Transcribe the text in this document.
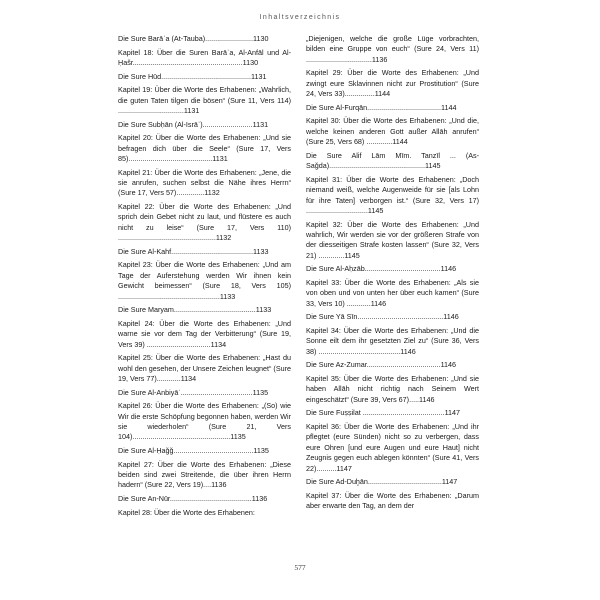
Inhaltsverzeichnis

Die Sure Barāʾa (At-Tauba)........................1130

Kapitel 18: Über die Suren Barāʾa, Al-Anfāl und Al-Ḥašr.......................................................1130

Die Sure Hūd.............................................1131

Kapitel 19: Über die Worte des Erhabenen: „Wahrlich, die guten Taten tilgen die bösen“ (Sure 11, Vers 114) .................................1131

Die Sure Subḥān (Al-Isrāʾ).........................1131

Kapitel 20: Über die Worte des Erhabenen: „Und sie befragen dich über die Seele“ (Sure 17, Vers 85)..........................................1131

Kapitel 21: Über die Worte des Erhabenen: „Jene, die sie anrufen, suchen selbst die Nähe ihres Herrn“ (Sure 17, Vers 57)..............1132

Kapitel 22: Über die Worte des Erhabenen: „Und sprich dein Gebet nicht zu laut, und flüstere es auch nicht zu leise“ (Sure 17, Vers 110) .................................................1132

Die Sure Al-Kahf.........................................1133

Kapitel 23: Über die Worte des Erhabenen: „Und am Tage der Auferstehung werden Wir ihnen kein Gewicht beimessen“ (Sure 18, Vers 105) ...................................................1133

Die Sure Maryam.........................................1133

Kapitel 24: Über die Worte des Erhabenen: „Und warne sie vor dem Tag der Verbitterung“ (Sure 19, Vers 39) ................................1134

Kapitel 25: Über die Worte des Erhabenen: „Hast du wohl den gesehen, der Unsere Zeichen leugnet“ (Sure 19, Vers 77)............1134

Die Sure Al-Anbiyāʾ....................................1135

Kapitel 26: Über die Worte des Erhabenen: „(So) wie Wir die erste Schöpfung begonnen haben, werden Wir sie wiederholen“ (Sure 21, Vers 104).................................................1135

Die Sure Al-Ḥaǧǧ........................................1135

Kapitel 27: Über die Worte des Erhabenen: „Diese beiden sind zwei Streitende, die über ihren Herrn hadern“ (Sure 22, Vers 19)....1136

Die Sure An-Nūr.........................................1136

Kapitel 28: Über die Worte des Erhabenen:

„Diejenigen, welche die große Lüge vorbrachten, bilden eine Gruppe von euch“ (Sure 24, Vers 11) .................................1136

Kapitel 29: Über die Worte des Erhabenen: „Und zwingt eure Sklavinnen nicht zur Prostitution“ (Sure 24, Vers 33)...............1144

Die Sure Al-Furqān.....................................1144

Kapitel 30: Über die Worte des Erhabenen: „Und die, welche keinen anderen Gott außer Allāh anrufen“ (Sure 25, Vers 68) .............1144

Die Sure Alif Lām Mīm. Tanzīl ... (As-Saǧda)................................................1145

Kapitel 31: Über die Worte des Erhabenen: „Doch niemand weiß, welche Augenweide für sie [als Lohn für ihre Taten] verborgen ist.“ (Sure 32, Vers 17) ...............................1145

Kapitel 32: Über die Worte des Erhabenen: „Und wahrlich, Wir werden sie vor der größeren Strafe von der diesseitigen Strafe kosten lassen“ (Sure 32, Vers 21) .............1145

Die Sure Al-Aḥzāb......................................1146

Kapitel 33: Über die Worte des Erhabenen: „Als sie von oben und von unten her über euch kamen“ (Sure 33, Vers 10) ............1146

Die Sure Yā Sīn...........................................1146

Kapitel 34: Über die Worte des Erhabenen: „Und die Sonne eilt dem ihr gesetzten Ziel zu“ (Sure 36, Vers 38) .........................................1146

Die Sure Az-Zumar.....................................1146

Kapitel 35: Über die Worte des Erhabenen: „Und sie haben Allāh nicht richtig nach Seinem Wert eingeschätzt“ (Sure 39, Vers 67).....1146

Die Sure Fuṣṣilat .........................................1147

Kapitel 36: Über die Worte des Erhabenen: „Und ihr pflegtet (eure Sünden) nicht so zu verbergen, dass eure Ohren [und eure Augen und eure Haut] nicht Zeugnis gegen euch ablegen könnten“ (Sure 41, Vers 22)..........1147

Die Sure Ad-Duḫān.....................................1147

Kapitel 37: Über die Worte des Erhabenen: „Darum aber erwarte den Tag, an dem der

577
